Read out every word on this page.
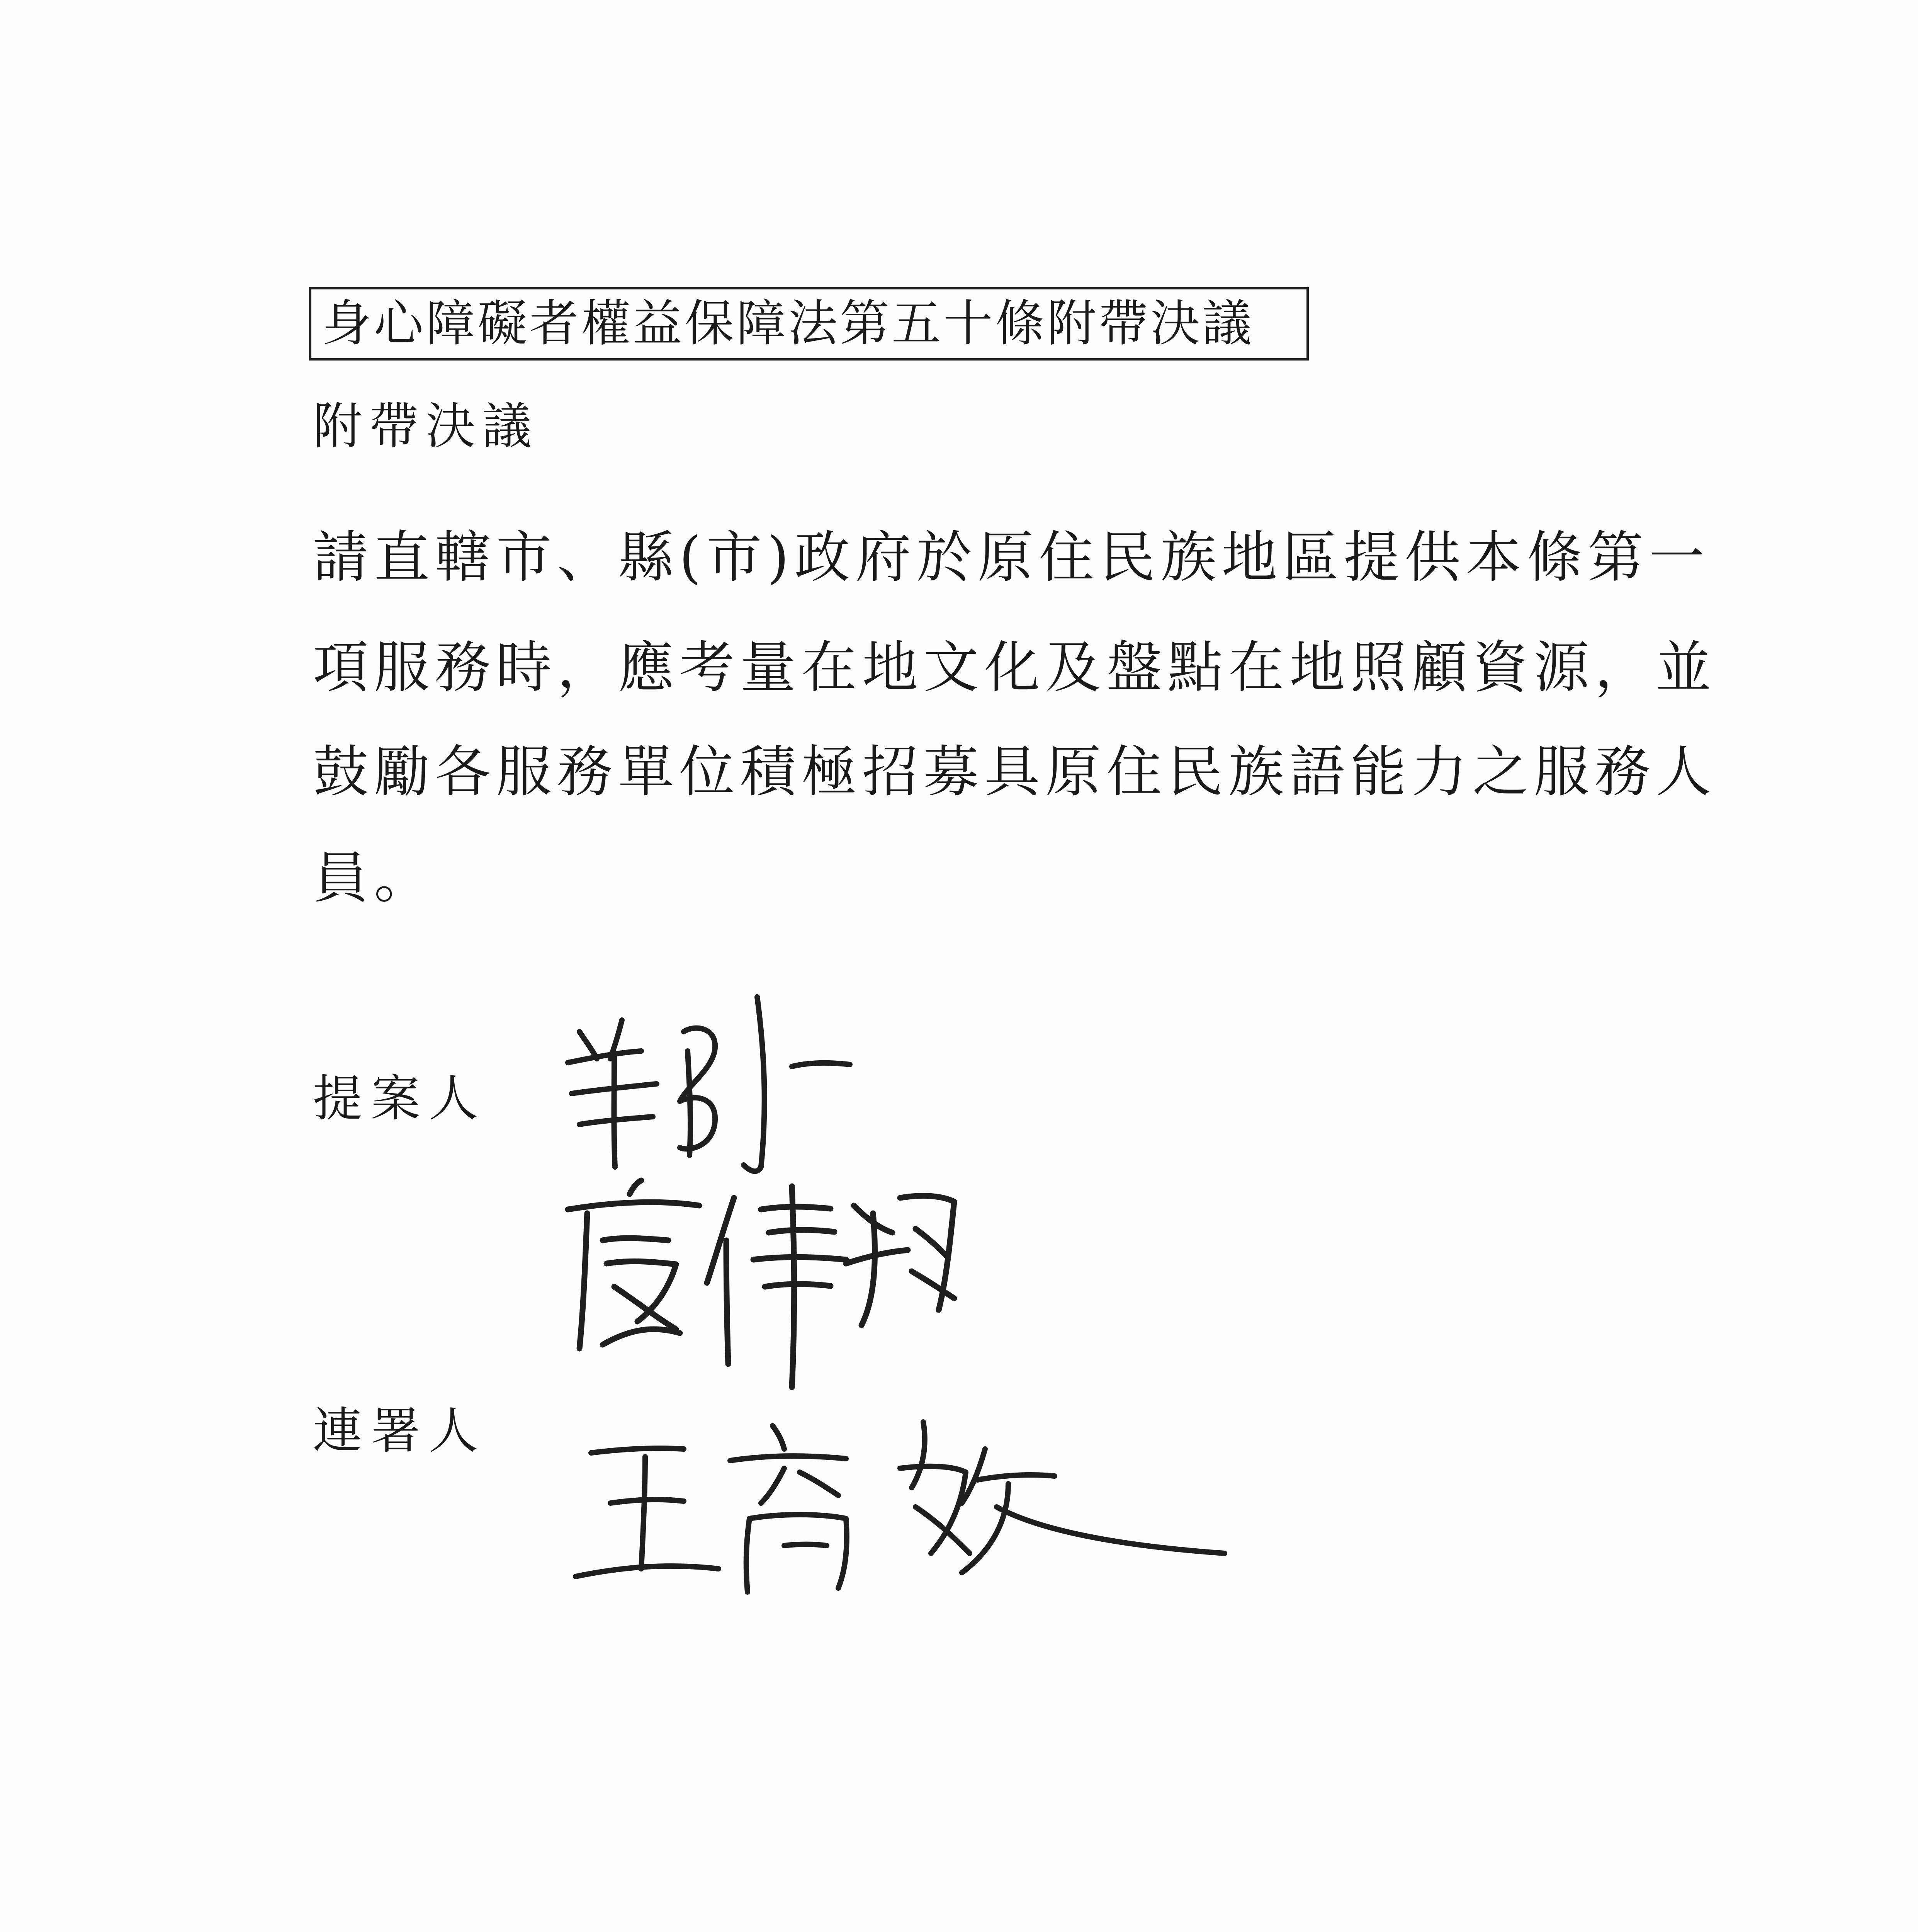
身心障礙者權益保障法第五十條附帶決議
附帶決議
請直轄市、縣(市)政府於原住民族地區提供本條第一
項服務時，應考量在地文化及盤點在地照顧資源，並
鼓勵各服務單位積極招募具原住民族語能力之服務人
員。
提案人
連署人
